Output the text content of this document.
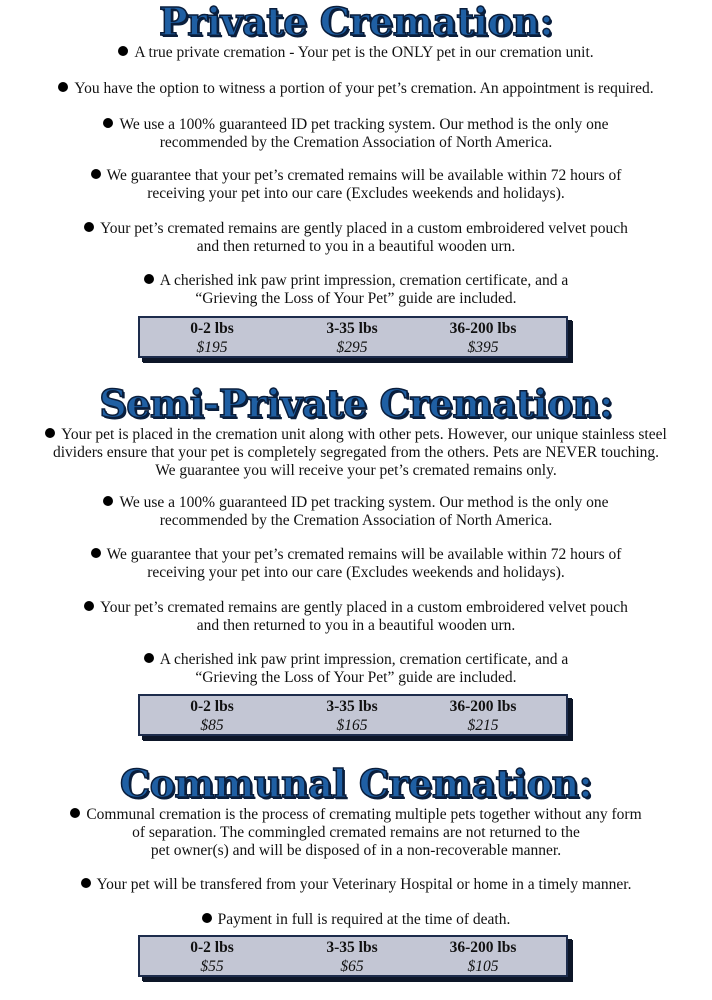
Private Cremation:

A true private cremation - Your pet is the ONLY pet in our cremation unit.

You have the option to witness a portion of your pet’s cremation. An appointment is required.

We use a 100% guaranteed ID pet tracking system. Our method is the only one
recommended by the Cremation Association of North America.

We guarantee that your pet’s cremated remains will be available within 72 hours of
receiving your pet into our care (Excludes weekends and holidays).

Your pet’s cremated remains are gently placed in a custom embroidered velvet pouch
and then returned to you in a beautiful wooden urn.

A cherished ink paw print impression, cremation certificate, and a
“Grieving the Loss of Your Pet” guide are included.

0-2 lbs
$195
3-35 lbs
$295
36-200 lbs
$395
Semi-Private Cremation:

Your pet is placed in the cremation unit along with other pets. However, our unique stainless steel
dividers ensure that your pet is completely segregated from the others. Pets are NEVER touching.
We guarantee you will receive your pet’s cremated remains only.

We use a 100% guaranteed ID pet tracking system. Our method is the only one
recommended by the Cremation Association of North America.

We guarantee that your pet’s cremated remains will be available within 72 hours of
receiving your pet into our care (Excludes weekends and holidays).

Your pet’s cremated remains are gently placed in a custom embroidered velvet pouch
and then returned to you in a beautiful wooden urn.

A cherished ink paw print impression, cremation certificate, and a
“Grieving the Loss of Your Pet” guide are included.

0-2 lbs
$85
3-35 lbs
$165
36-200 lbs
$215
Communal Cremation:

Communal cremation is the process of cremating multiple pets together without any form
of separation. The commingled cremated remains are not returned to the
pet owner(s) and will be disposed of in a non-recoverable manner.

Your pet will be transfered from your Veterinary Hospital or home in a timely manner.

Payment in full is required at the time of death.

0-2 lbs
$55
3-35 lbs
$65
36-200 lbs
$105
